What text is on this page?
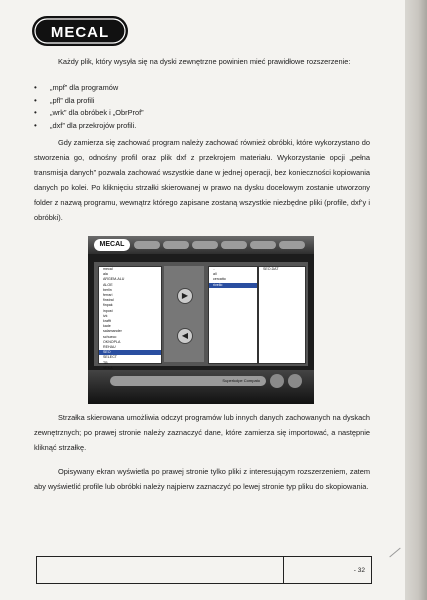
MECAL

Każdy plik, który wysyła się na dyski zewnętrzne powinien mieć prawidłowe rozszerzenie:

• „mpf” dla programów
• „pfl” dla profili
• „wrk” dla obróbek i „ObrProf”
• „dxf” dla przekrojów profili.

Gdy zamierza się zachować program należy zachować również obróbki, które wykorzystano do stworzenia go, odnośny profil oraz plik dxf z przekrojem materiału. Wykorzystanie opcji „pełna transmisja danych” pozwala zachować wszystkie dane w jednej operacji, bez konieczności kopiowania danych po kolei. Po kliknięciu strzałki skierowanej w prawo na dysku docelowym zostanie utworzony folder z nazwą programu, wewnątrz którego zapisane zostaną wszystkie niezbędne pliki (profile, dxf’y i obróbki).

MECAL
mecal
ala
ARGEM-ALU
ALOE
berlin
ferrari
finstral
finpak
inpost
ivk
krafft
kade
salamander
schueco
OKNOPLA
REHAU
SEO
SELECT
TB
VEKA
▶
◀
..
all
cercatto
rivello
SEO.DAT
Superkolpe Compato

Strzałka skierowana umożliwia odczyt programów lub innych danych zachowanych na dyskach zewnętrznych; po prawej stronie należy zaznaczyć dane, które zamierza się importować, a następnie kliknąć strzałkę.

Opisywany ekran wyświetla po prawej stronie tylko pliki z interesującym rozszerzeniem, zatem aby wyświetlić profile lub obróbki należy najpierw zaznaczyć po lewej stronie typ pliku do skopiowania.

- 32
